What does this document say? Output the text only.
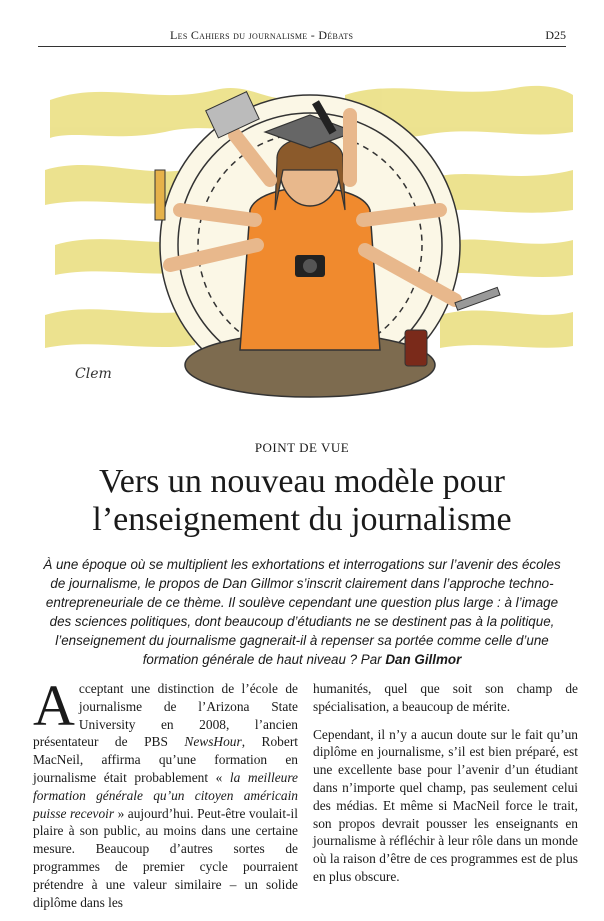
Les Cahiers du journalisme - Débats	D25
Clem
POINT DE VUE
Vers un nouveau modèle pour
l’enseignement du journalisme
À une époque où se multiplient les exhortations et interrogations sur l’avenir des écoles de journalisme, le propos de Dan Gillmor s’inscrit clairement dans l’approche techno-entrepreneuriale de ce thème. Il soulève cependant une question plus large : à l’image des sciences politiques, dont beaucoup d’étudiants ne se destinent pas à la politique, l’enseignement du journalisme gagnerait-il à repenser sa portée comme celle d’une formation générale de haut niveau ? Par Dan Gillmor

Acceptant une distinction de l’école de journalisme de l’Arizona State University en 2008, l’ancien présentateur de PBS NewsHour, Robert MacNeil, affirma qu’une formation en journalisme était probablement « la meilleure formation générale qu’un citoyen américain puisse recevoir » aujourd’hui. Peut-être voulait-il plaire à son public, au moins dans une certaine mesure. Beaucoup d’autres sortes de programmes de premier cycle pourraient prétendre à une valeur similaire – un solide diplôme dans les

humanités, quel que soit son champ de spécialisation, a beaucoup de mérite.

Cependant, il n’y a aucun doute sur le fait qu’un diplôme en journalisme, s’il est bien préparé, est une excellente base pour l’avenir d’un étudiant dans n’importe quel champ, pas seulement celui des médias. Et même si MacNeil force le trait, son propos devrait pousser les enseignants en journalisme à réfléchir à leur rôle dans un monde où la raison d’être de ces programmes est de plus en plus obscure.
